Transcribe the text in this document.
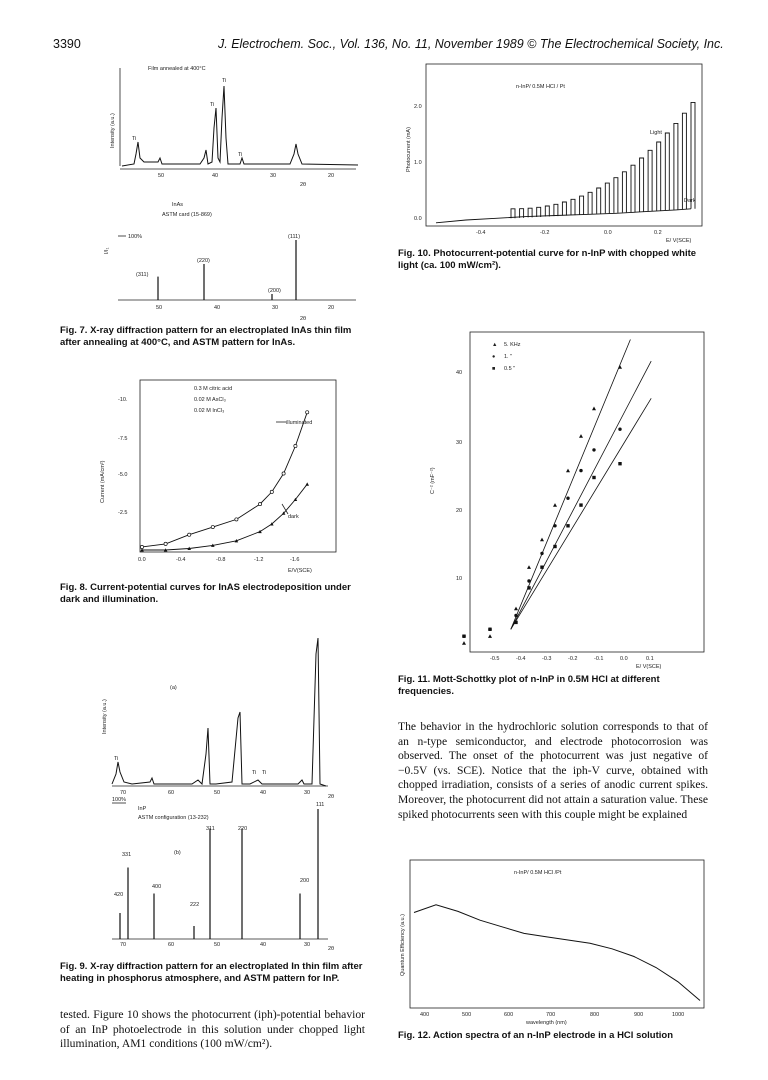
3390	J. Electrochem. Soc., Vol. 136, No. 11, November 1989 © The Electrochemical Society, Inc.
Film annealed at 400°C
Intensity (a.u.)
50	40	30	20
2θ
Ti
Ti
Ti
Ti
InAs
ASTM card (15-869)
I/I₁
100%
(311)
(220)
(200)
(111)
50	40	30	20
2θ
Fig. 7. X-ray diffraction pattern for an electroplated InAs thin film after annealing at 400°C, and ASTM pattern for InAs.
0.3 M citric acid
0.02 M AsCl₃
0.02 M InCl₃
Current (mA/cm²)
-10.
-7.5
-5.0
-2.5
0.0	-0.4	-0.8	-1.2	-1.6
E/V(SCE)
illuminated
dark
Fig. 8. Current-potential curves for InAS electrodeposition under dark and illumination.
Intensity (a.u.)
(a)
Ti
Ti Ti
70	60	50	40	30
2θ
100%
InP
ASTM configuration (13-232)
(b)
111
331
311	220
200
400
420
222
70	60	50	40	30
2θ
Fig. 9. X-ray diffraction pattern for an electroplated In thin film after heating in phosphorus atmosphere, and ASTM pattern for InP.

tested. Figure 10 shows the photocurrent (iph)-potential behavior of an InP photoelectrode in this solution under chopped light illumination, AM1 conditions (100 mW/cm²).

n-InP/ 0.5M HCl / Pt
Photocurrent (mA)
2.0
1.0
0.0
Light
Dark
-0.4	-0.2	0.0	0.2
E/ V(SCE)
Fig. 10. Photocurrent-potential curve for n-InP with chopped white light (ca. 100 mW/cm²).
▲ 5. KHz
● 1. "
■ 0.5 "
C⁻² (mF⁻²)
40
30
20
10
-0.5	-0.4	-0.3	-0.2	-0.1	0.0	0.1
E/ V(SCE)
Fig. 11. Mott-Schottky plot of n-InP in 0.5M HCl at different frequencies.

The behavior in the hydrochloric solution corresponds to that of an n-type semiconductor, and electrode photocorrosion was observed. The onset of the photocurrent was just negative of −0.5V (vs. SCE). Notice that the iph-V curve, obtained with chopped irradiation, consists of a series of anodic current spikes. Moreover, the photocurrent did not attain a saturation value. These spiked photocurrents seen with this couple might be explained

n-InP/ 0.5M HCl /Pt
Quantum Efficiency (a.u.)
400	500	600	700	800	900	1000
wavelength (nm)
Fig. 12. Action spectra of an n-InP electrode in a HCl solution
